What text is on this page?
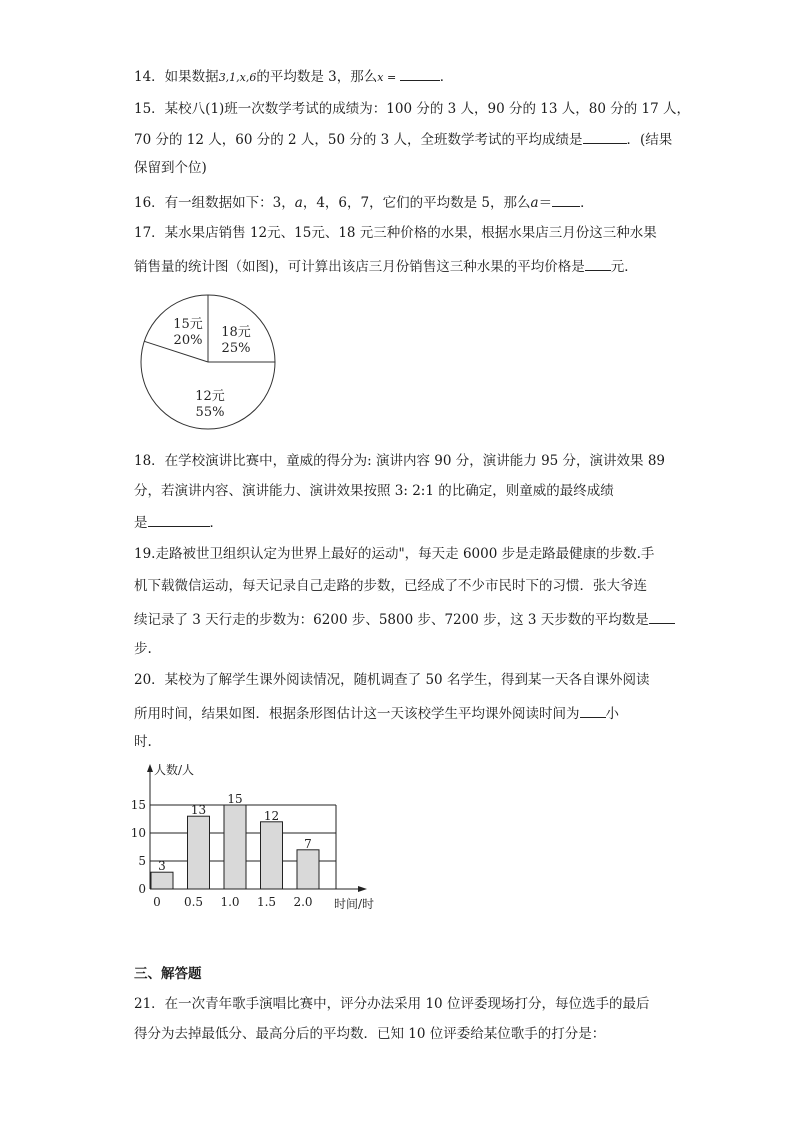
14．如果数据3,1,x,6的平均数是 3，那么x =	．
15．某校八(1)班一次数学考试的成绩为：100 分的 3 人，90 分的 13 人，80 分的 17 人，
70 分的 12 人，60 分的 2 人，50 分的 3 人，全班数学考试的平均成绩是	．(结果
保留到个位)
16．有一组数据如下：3，a，4，6，7，它们的平均数是 5，那么a＝ ．
17．某水果店销售 12元、15元、18 元三种价格的水果，根据水果店三月份这三种水果
销售量的统计图（如图)，可计算出该店三月份销售这三种水果的平均价格是 元．
18元
25%
12元
55%
15元
20%
18．在学校演讲比赛中，童威的得分为: 演讲内容 90 分，演讲能力 95 分，演讲效果 89
分，若演讲内容、演讲能力、演讲效果按照 3: 2:1 的比确定，则童威的最终成绩
是	．
19.走路被世卫组织认定为世界上最好的运动"，每天走 6000 步是走路最健康的步数.手
机下载微信运动，每天记录自己走路的步数，已经成了不少市民时下的习惯．张大爷连
续记录了 3 天行走的步数为：6200 步、5800 步、7200 步，这 3 天步数的平均数是
步.
20．某校为了解学生课外阅读情况，随机调查了 50 名学生，得到某一天各自课外阅读
所用时间，结果如图．根据条形图估计这一天该校学生平均课外阅读时间为 小
时.
0
5
10
15
3
0
13
0.5
15
1.0
12
1.5
7
2.0
人数/人
时间/时
三、解答题
21．在一次青年歌手演唱比赛中，评分办法采用 10 位评委现场打分，每位选手的最后
得分为去掉最低分、最高分后的平均数．已知 10 位评委给某位歌手的打分是：
